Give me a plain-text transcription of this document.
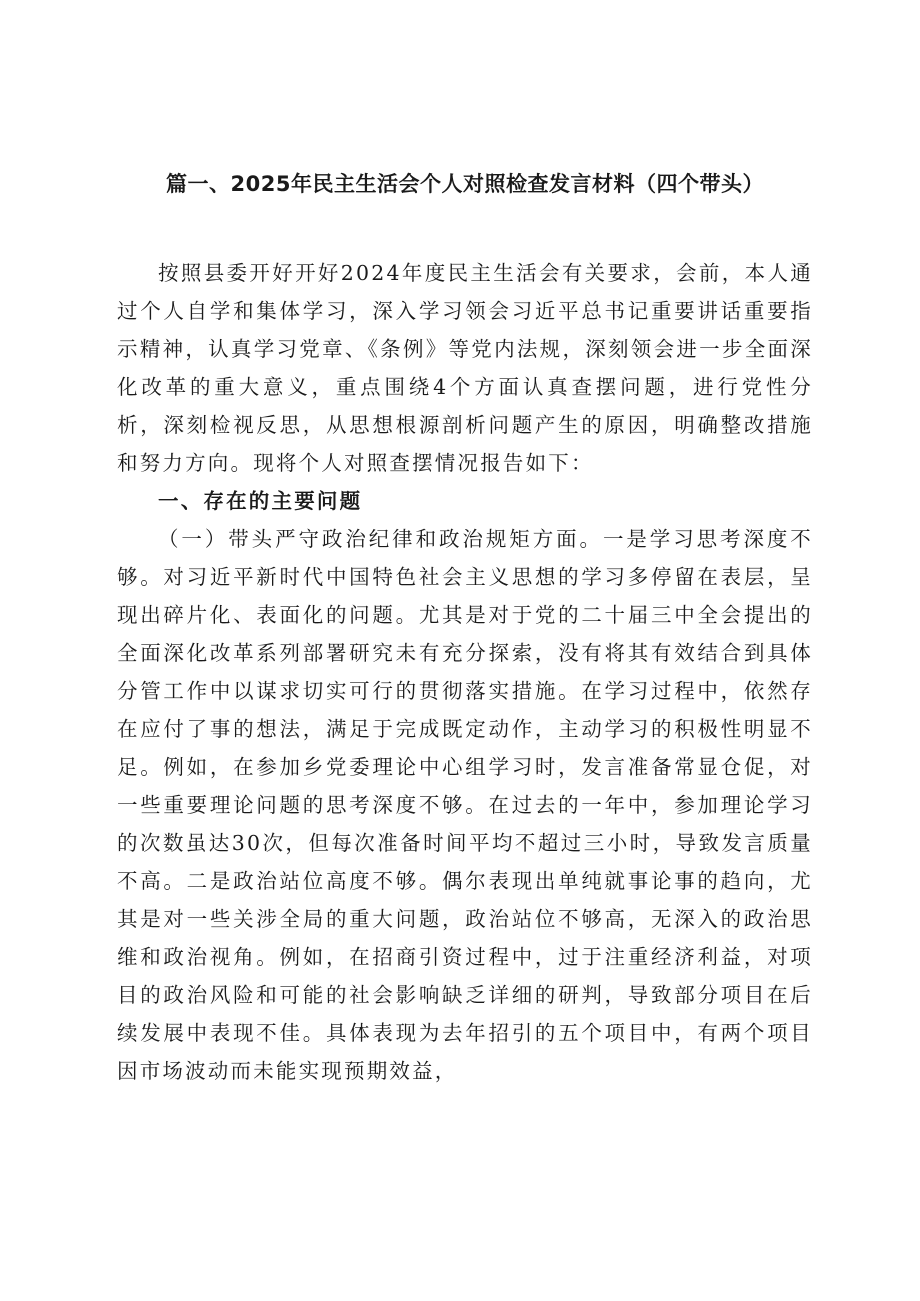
篇一、2025年民主生活会个人对照检查发言材料（四个带头）

按照县委开好开好2024年度民主生活会有关要求，会前，本人通过个人自学和集体学习，深入学习领会习近平总书记重要讲话重要指示精神，认真学习党章、《条例》等党内法规，深刻领会进一步全面深化改革的重大意义，重点围绕4个方面认真查摆问题，进行党性分析，深刻检视反思，从思想根源剖析问题产生的原因，明确整改措施和努力方向。现将个人对照查摆情况报告如下：

一、存在的主要问题

（一）带头严守政治纪律和政治规矩方面。一是学习思考深度不够。对习近平新时代中国特色社会主义思想的学习多停留在表层，呈现出碎片化、表面化的问题。尤其是对于党的二十届三中全会提出的全面深化改革系列部署研究未有充分探索，没有将其有效结合到具体分管工作中以谋求切实可行的贯彻落实措施。在学习过程中，依然存在应付了事的想法，满足于完成既定动作，主动学习的积极性明显不足。例如，在参加乡党委理论中心组学习时，发言准备常显仓促，对一些重要理论问题的思考深度不够。在过去的一年中，参加理论学习的次数虽达30次，但每次准备时间平均不超过三小时，导致发言质量不高。二是政治站位高度不够。偶尔表现出单纯就事论事的趋向，尤其是对一些关涉全局的重大问题，政治站位不够高，无深入的政治思维和政治视角。例如，在招商引资过程中，过于注重经济利益，对项目的政治风险和可能的社会影响缺乏详细的研判，导致部分项目在后续发展中表现不佳。具体表现为去年招引的五个项目中，有两个项目因市场波动而未能实现预期效益，
